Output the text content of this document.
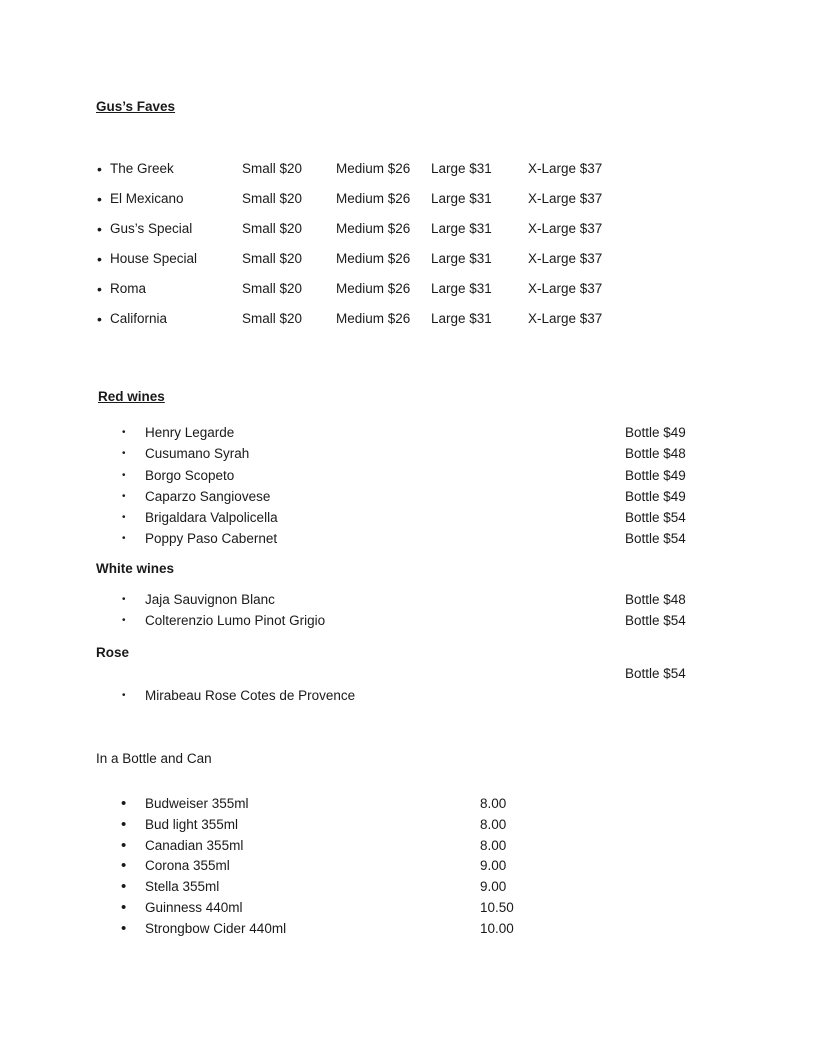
Gus’s Faves
• The Greek	Small $20	Medium $26 Large $31	X-Large $37
• El Mexicano	Small $20	Medium $26 Large $31	X-Large $37
• Gus’s Special	Small $20	Medium $26 Large $31	X-Large $37
• House Special	Small $20	Medium $26 Large $31	X-Large $37
• Roma	Small $20	Medium $26 Large $31	X-Large $37
• California	Small $20	Medium $26 Large $31	X-Large $37
Red wines
• Henry Legarde	Bottle $49
• Cusumano Syrah	Bottle $48
• Borgo Scopeto	Bottle $49
• Caparzo Sangiovese	Bottle $49
• Brigaldara Valpolicella	Bottle $54
• Poppy Paso Cabernet	Bottle $54
White wines
• Jaja Sauvignon Blanc	Bottle $48
• Colterenzio Lumo Pinot Grigio	Bottle $54
Rose
Bottle $54
• Mirabeau Rose Cotes de Provence
In a Bottle and Can
• Budweiser 355ml	8.00
• Bud light 355ml	8.00
• Canadian 355ml	8.00
• Corona 355ml	9.00
• Stella 355ml	9.00
• Guinness 440ml	10.50
• Strongbow Cider 440ml	10.00
